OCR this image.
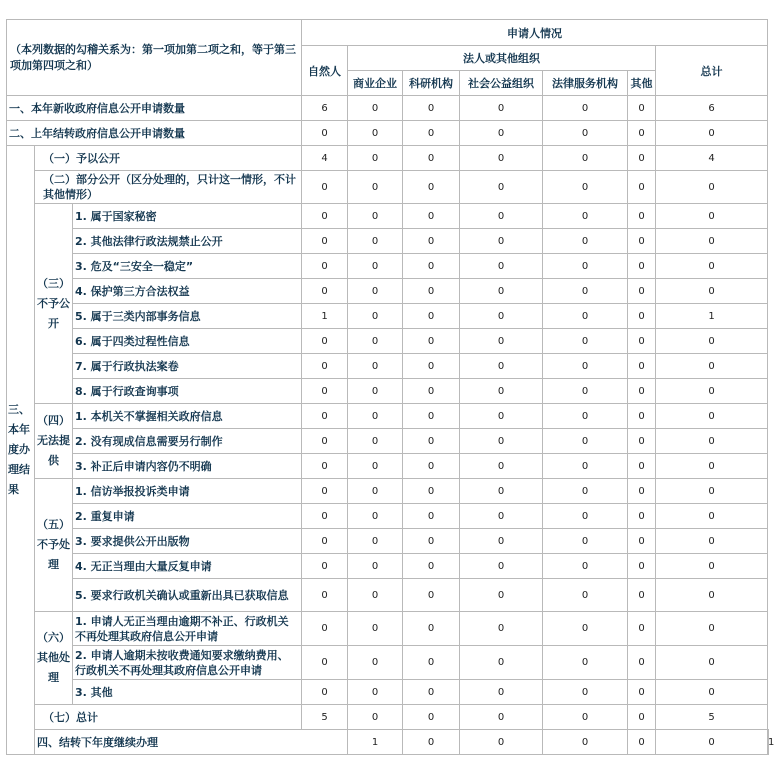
（本列数据的勾稽关系为：第一项加第二项之和，等于第三项加第四项之和）			申请人情况							
			自然人	法人或其他组织					总计	
				商业企业	科研机构	社会公益组织	法律服务机构	其他		
一、本年新收政府信息公开申请数量			6	0	0	0	0	0	6	
二、上年结转政府信息公开申请数量			0	0	0	0	0	0	0	
三、本年度办理结果	（一）予以公开		4	0	0	0	0	0	4	
	（二）部分公开（区分处理的，只计这一情形，不计其他情形）		0	0	0	0	0	0	0	
	（三）不予公开	1. 属于国家秘密	0	0	0	0	0	0	0	
		2. 其他法律行政法规禁止公开	0	0	0	0	0	0	0	
		3. 危及“三安全一稳定”	0	0	0	0	0	0	0	
		4. 保护第三方合法权益	0	0	0	0	0	0	0	
		5. 属于三类内部事务信息	1	0	0	0	0	0	1	
		6. 属于四类过程性信息	0	0	0	0	0	0	0	
		7. 属于行政执法案卷	0	0	0	0	0	0	0	
		8. 属于行政查询事项	0	0	0	0	0	0	0	
	（四）无法提供	1. 本机关不掌握相关政府信息	0	0	0	0	0	0	0	
		2. 没有现成信息需要另行制作	0	0	0	0	0	0	0	
		3. 补正后申请内容仍不明确	0	0	0	0	0	0	0	
	（五）不予处理	1. 信访举报投诉类申请	0	0	0	0	0	0	0	
		2. 重复申请	0	0	0	0	0	0	0	
		3. 要求提供公开出版物	0	0	0	0	0	0	0	
		4. 无正当理由大量反复申请	0	0	0	0	0	0	0	
		5. 要求行政机关确认或重新出具已获取信息	0	0	0	0	0	0	0	
	（六）其他处理	1. 申请人无正当理由逾期不补正、行政机关不再处理其政府信息公开申请	0	0	0	0	0	0	0	
		2. 申请人逾期未按收费通知要求缴纳费用、行政机关不再处理其政府信息公开申请	0	0	0	0	0	0	0	
		3. 其他	0	0	0	0	0	0	0	
	（七）总计		5	0	0	0	0	0	5	
	四、结转下年度继续办理			1	0	0	0	0	0	1
